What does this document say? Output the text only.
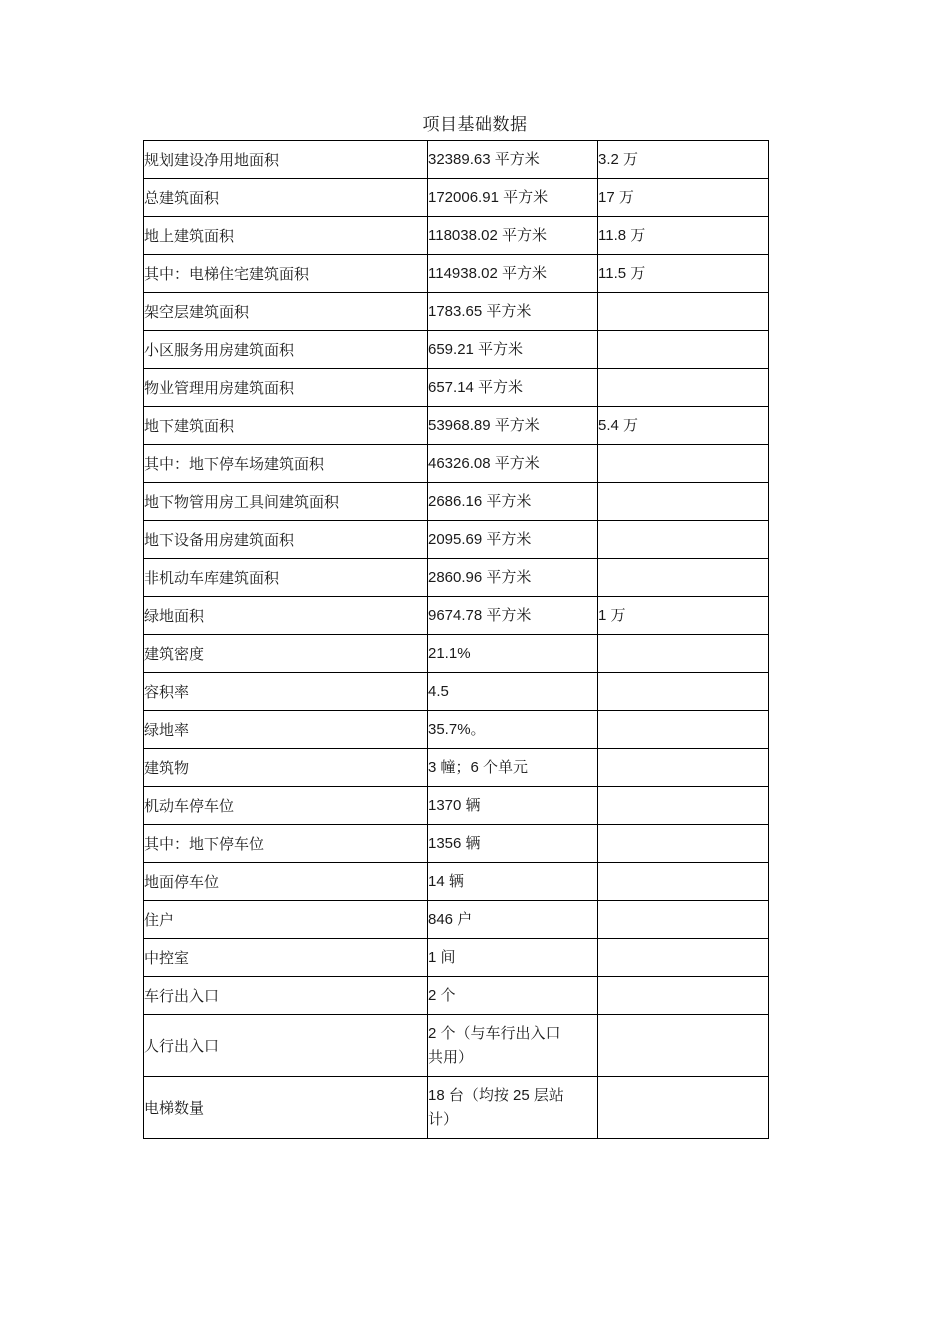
项目基础数据
规划建设净用地面积	32389.63 平方米	3.2 万
总建筑面积	172006.91 平方米	17 万
地上建筑面积	118038.02 平方米	11.8 万
其中：电梯住宅建筑面积	114938.02 平方米	11.5 万
架空层建筑面积	1783.65 平方米	
小区服务用房建筑面积	659.21 平方米	
物业管理用房建筑面积	657.14 平方米	
地下建筑面积	53968.89 平方米	5.4 万
其中：地下停车场建筑面积	46326.08 平方米	
地下物管用房工具间建筑面积	2686.16 平方米	
地下设备用房建筑面积	2095.69 平方米	
非机动车库建筑面积	2860.96 平方米	
绿地面积	9674.78 平方米	1 万
建筑密度	21.1%	
容积率	4.5	
绿地率	35.7%。	
建筑物	3 幢；6 个单元	
机动车停车位	1370 辆	
其中：地下停车位	1356 辆	
地面停车位	14 辆	
住户	846 户	
中控室	1 间	
车行出入口	2 个	
人行出入口	2 个（与车行出入口
共用）	

电梯数量	18 台（均按 25 层站
计）	
